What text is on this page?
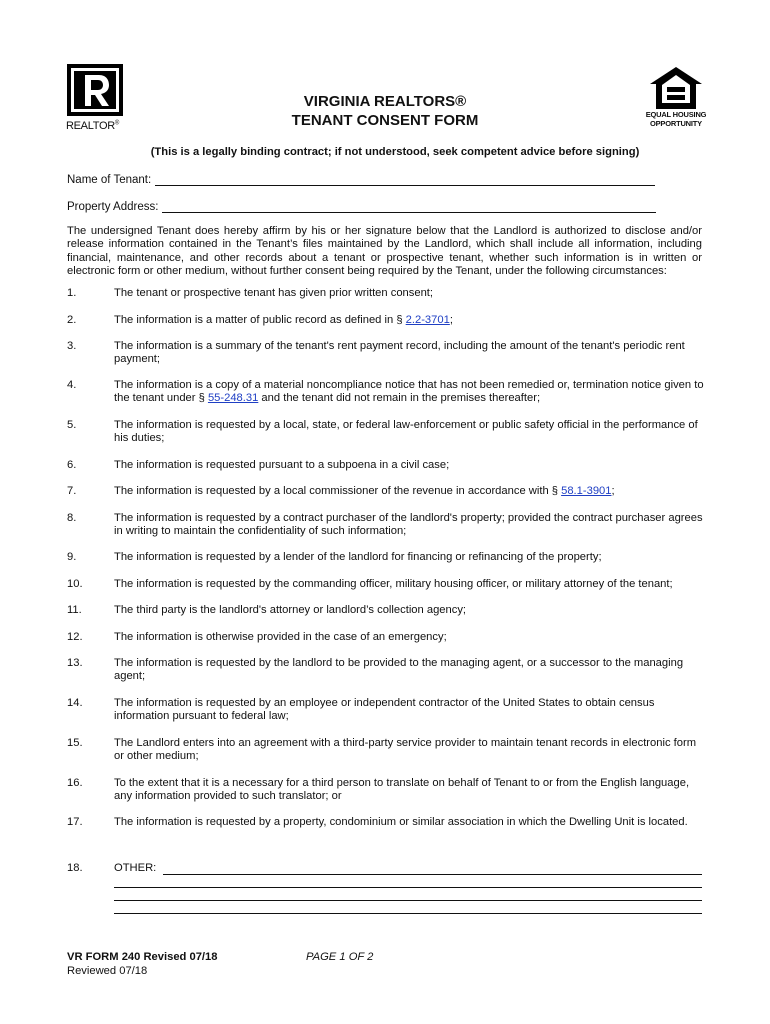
REALTOR®
EQUAL HOUSING
OPPORTUNITY
VIRGINIA REALTORS®
TENANT CONSENT FORM
(This is a legally binding contract; if not understood, seek competent advice before signing)
Name of Tenant:
Property Address:
The undersigned Tenant does hereby affirm by his or her signature below that the Landlord is authorized to disclose and/or release information contained in the Tenant’s files maintained by the Landlord, which shall include all information, including financial, maintenance, and other records about a tenant or prospective tenant, whether such information is in written or electronic form or other medium, without further consent being required by the Tenant, under the following circumstances:
1.	The tenant or prospective tenant has given prior written consent;
2.	The information is a matter of public record as defined in § 2.2-3701;
3.	The information is a summary of the tenant's rent payment record, including the amount of the tenant's periodic rent payment;
4.	The information is a copy of a material noncompliance notice that has not been remedied or, termination notice given to the tenant under § 55-248.31 and the tenant did not remain in the premises thereafter;
5.	The information is requested by a local, state, or federal law-enforcement or public safety official in the performance of his duties;
6.	The information is requested pursuant to a subpoena in a civil case;
7.	The information is requested by a local commissioner of the revenue in accordance with § 58.1-3901;
8.	The information is requested by a contract purchaser of the landlord's property; provided the contract purchaser agrees in writing to maintain the confidentiality of such information;
9.	The information is requested by a lender of the landlord for financing or refinancing of the property;
10.	The information is requested by the commanding officer, military housing officer, or military attorney of the tenant;
11.	The third party is the landlord's attorney or landlord’s collection agency;
12.	The information is otherwise provided in the case of an emergency;
13.	The information is requested by the landlord to be provided to the managing agent, or a successor to the managing agent;
14.	The information is requested by an employee or independent contractor of the United States to obtain census information pursuant to federal law;
15.	The Landlord enters into an agreement with a third-party service provider to maintain tenant records in electronic form or other medium;
16.	To the extent that it is a necessary for a third person to translate on behalf of Tenant to or from the English language, any information provided to such translator; or
17.	The information is requested by a property, condominium or similar association in which the Dwelling Unit is located.
18.	OTHER:
VR FORM 240 Revised 07/18	PAGE 1 OF 2
Reviewed 07/18
